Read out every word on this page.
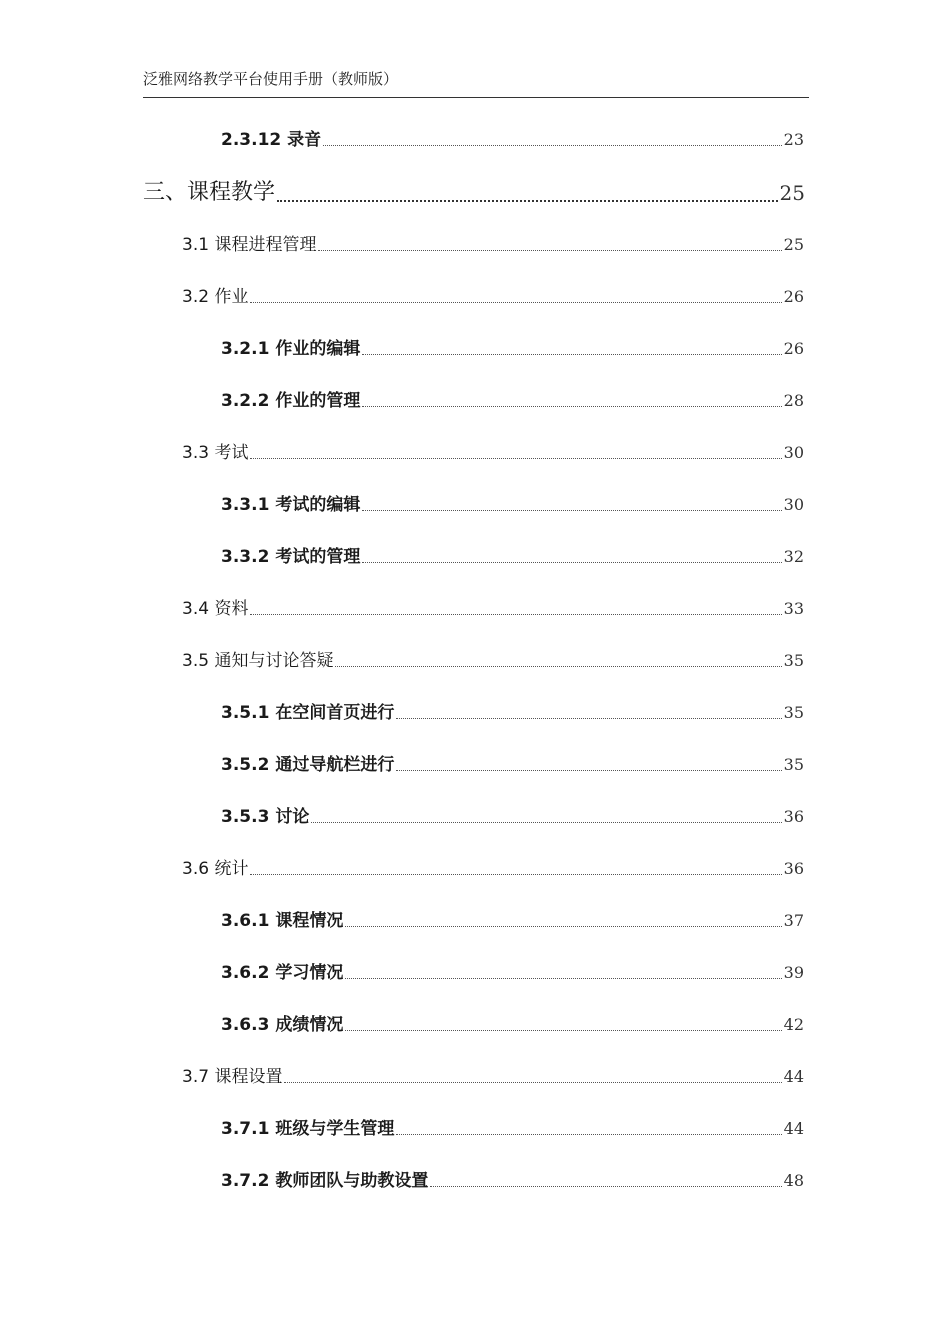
泛雅网络教学平台使用手册（教师版）
2.3.12 录音	23
三、课程教学	25
3.1 课程进程管理	25
3.2 作业	26
3.2.1 作业的编辑	26
3.2.2 作业的管理	28
3.3 考试	30
3.3.1 考试的编辑	30
3.3.2 考试的管理	32
3.4 资料	33
3.5 通知与讨论答疑	35
3.5.1 在空间首页进行	35
3.5.2 通过导航栏进行	35
3.5.3 讨论	36
3.6 统计	36
3.6.1 课程情况	37
3.6.2 学习情况	39
3.6.3 成绩情况	42
3.7 课程设置	44
3.7.1 班级与学生管理	44
3.7.2 教师团队与助教设置	48
